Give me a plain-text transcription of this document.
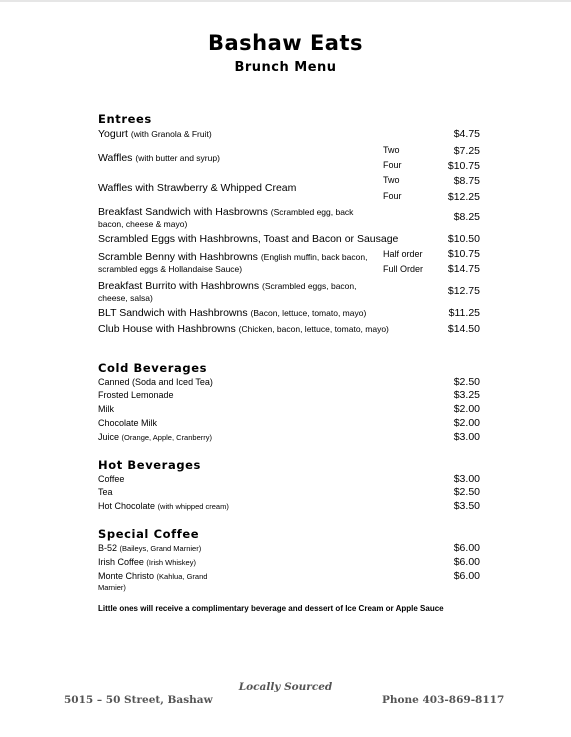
Bashaw Eats
Brunch Menu
Entrees
Yogurt (with Granola & Fruit)	$4.75
Waffles (with butter and syrup)
Two	$7.25
Four	$10.75
Waffles with Strawberry & Whipped Cream
Two	$8.75
Four	$12.25
Breakfast Sandwich with Hasbrowns (Scrambled egg, back bacon, cheese & mayo)
$8.25
Scrambled Eggs with Hashbrowns, Toast and Bacon or Sausage	$10.50
Scramble Benny with Hashbrowns (English muffin, back bacon, scrambled eggs & Hollandaise Sauce)
Half order	$10.75
Full Order	$14.75
Breakfast Burrito with Hashbrowns (Scrambled eggs, bacon, cheese, salsa)
$12.75
BLT Sandwich with Hashbrowns (Bacon, lettuce, tomato, mayo)	$11.25
Club House with Hashbrowns (Chicken, bacon, lettuce, tomato, mayo)	$14.50
Cold Beverages
Canned (Soda and Iced Tea)	$2.50
Frosted Lemonade	$3.25
Milk	$2.00
Chocolate Milk	$2.00
Juice (Orange, Apple, Cranberry)	$3.00
Hot Beverages
Coffee	$3.00
Tea	$2.50
Hot Chocolate (with whipped cream)	$3.50
Special Coffee
B-52 (Baileys, Grand Marnier)	$6.00
Irish Coffee (Irish Whiskey)	$6.00
Monte Christo (Kahlua, Grand Marnier)
$6.00
Little ones will receive a complimentary beverage and dessert of Ice Cream or Apple Sauce
Locally Sourced
5015 – 50 Street, Bashaw	Phone 403-869-8117
